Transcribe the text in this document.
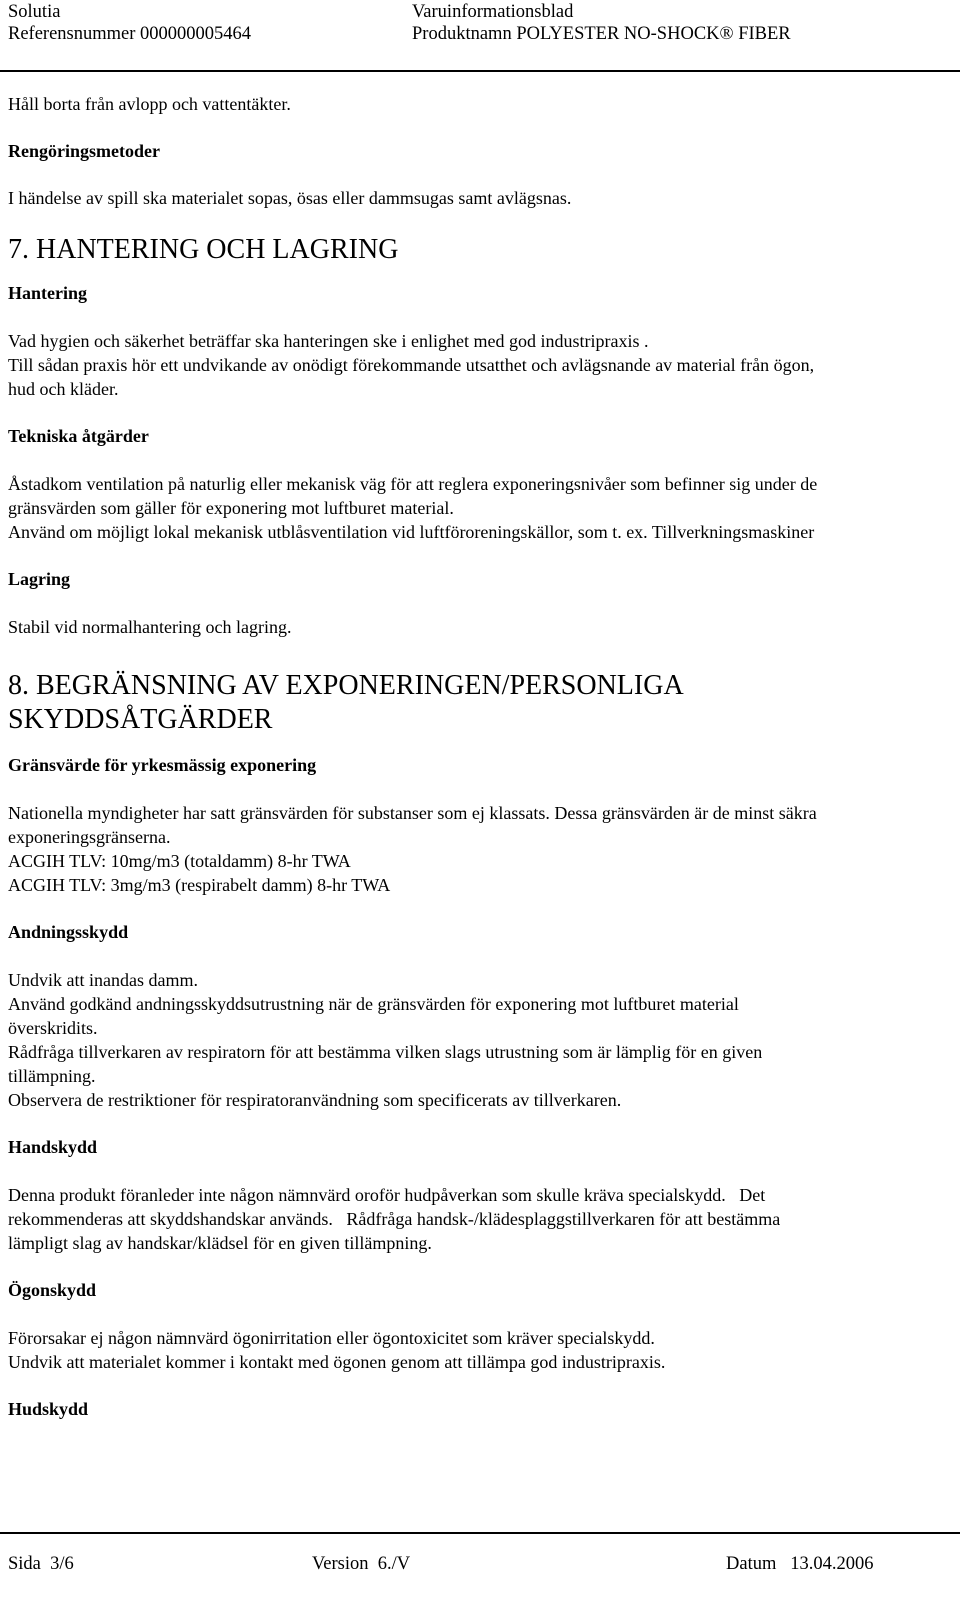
Solutia
Referensnummer 000000005464
Varuinformationsblad
Produktnamn POLYESTER NO-SHOCK® FIBER

Håll borta från avlopp och vattentäkter.

Rengöringsmetoder

I händelse av spill ska materialet sopas, ösas eller dammsugas samt avlägsnas.

7. HANTERING OCH LAGRING
Hantering

Vad hygien och säkerhet beträffar ska hanteringen ske i enlighet med god industripraxis .

Till sådan praxis hör ett undvikande av onödigt förekommande utsatthet och avlägsnande av material från ögon,

hud och kläder.

Tekniska åtgärder

Åstadkom ventilation på naturlig eller mekanisk väg för att reglera exponeringsnivåer som befinner sig under de

gränsvärden som gäller för exponering mot luftburet material.

Använd om möjligt lokal mekanisk utblåsventilation vid luftföroreningskällor, som t. ex. Tillverkningsmaskiner

Lagring

Stabil vid normalhantering och lagring.

8. BEGRÄNSNING AV EXPONERINGEN/PERSONLIGA
SKYDDSÅTGÄRDER
Gränsvärde för yrkesmässig exponering

Nationella myndigheter har satt gränsvärden för substanser som ej klassats. Dessa gränsvärden är de minst säkra

exponeringsgränserna.

ACGIH TLV: 10mg/m3 (totaldamm) 8-hr TWA

ACGIH TLV: 3mg/m3 (respirabelt damm) 8-hr TWA

Andningsskydd

Undvik att inandas damm.

Använd godkänd andningsskyddsutrustning när de gränsvärden för exponering mot luftburet material

överskridits.

Rådfråga tillverkaren av respiratorn för att bestämma vilken slags utrustning som är lämplig för en given

tillämpning.

Observera de restriktioner för respiratoranvändning som specificerats av tillverkaren.

Handskydd

Denna produkt föranleder inte någon nämnvärd oroför hudpåverkan som skulle kräva specialskydd.   Det

rekommenderas att skyddshandskar används.   Rådfråga handsk-/klädesplaggstillverkaren för att bestämma

lämpligt slag av handskar/klädsel för en given tillämpning.

Ögonskydd

Förorsakar ej någon nämnvärd ögonirritation eller ögontoxicitet som kräver specialskydd.

Undvik att materialet kommer i kontakt med ögonen genom att tillämpa god industripraxis.

Hudskydd
Sida  3/6	Version  6./V	Datum   13.04.2006
